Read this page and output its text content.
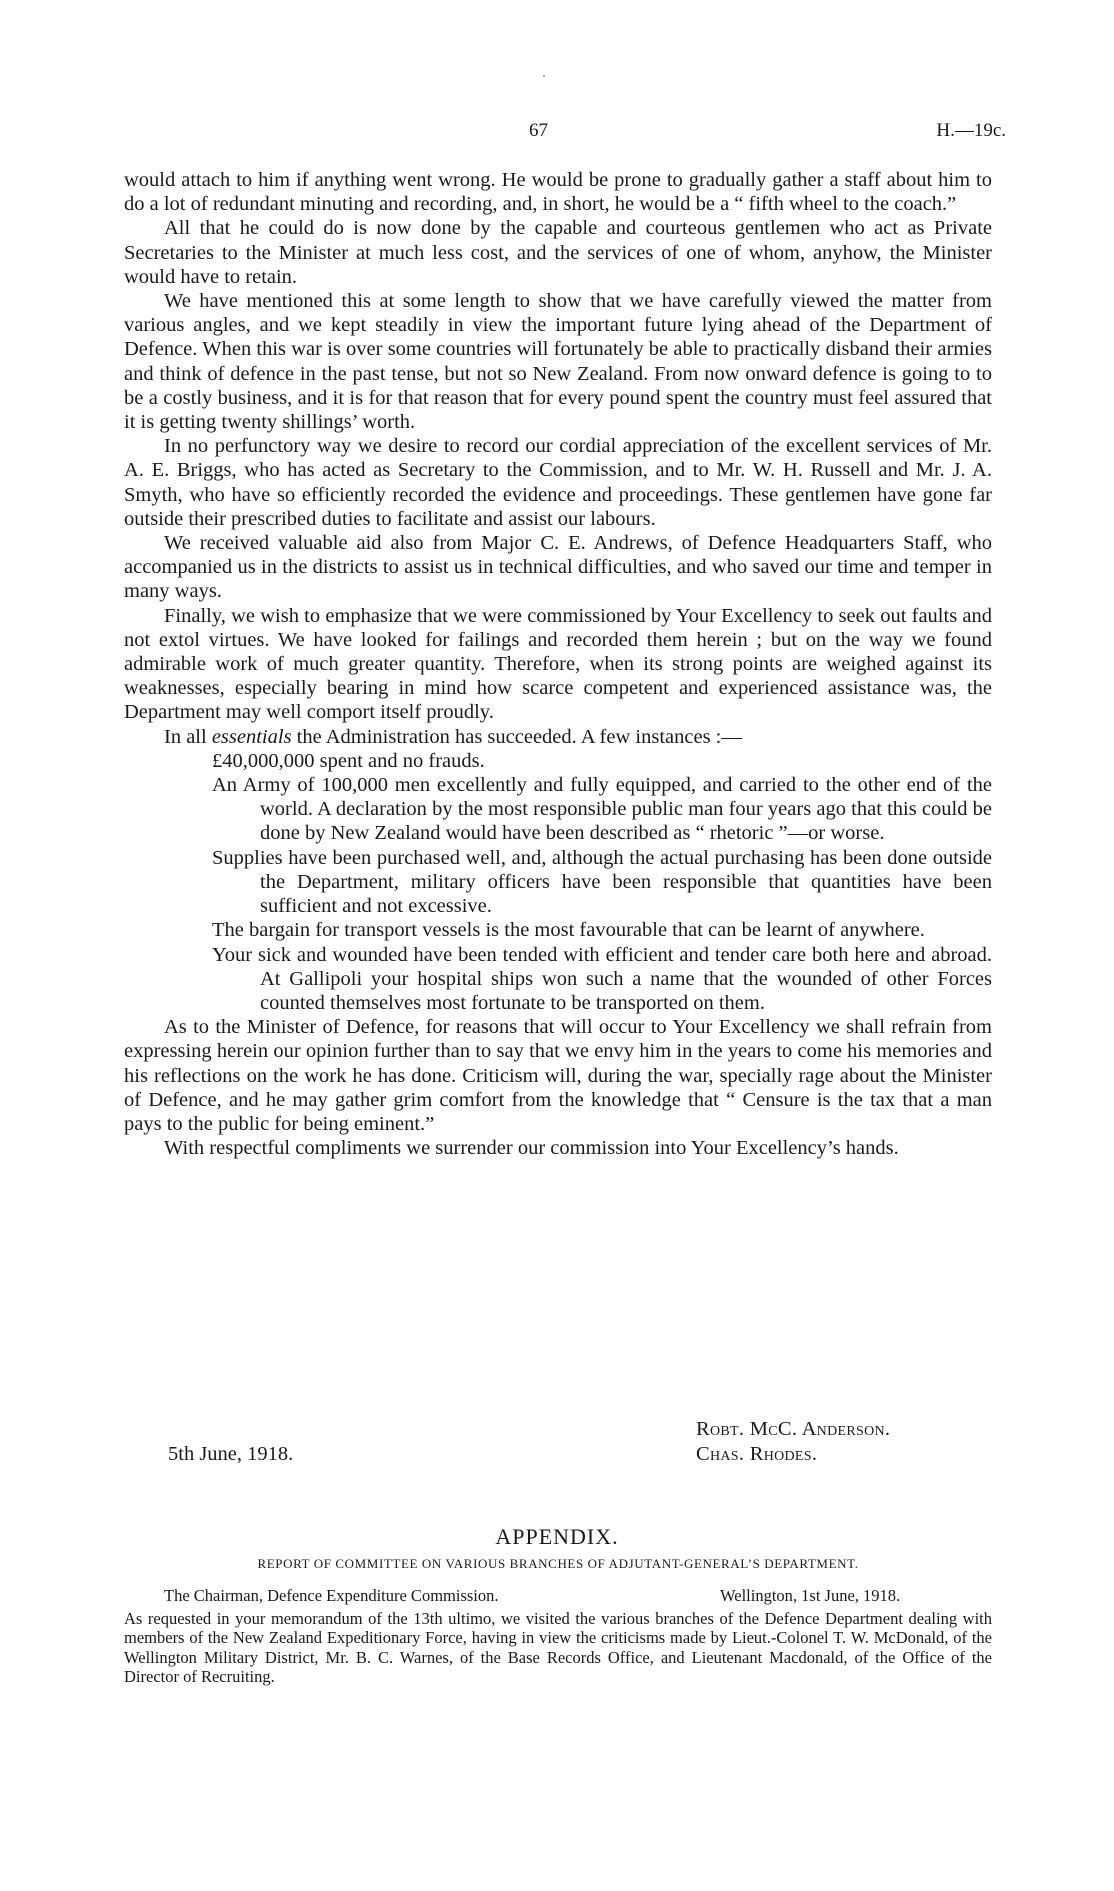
67	H.—19c.

would attach to him if anything went wrong. He would be prone to gradually gather a staff about him to do a lot of redundant minuting and recording, and, in short, he would be a “ fifth wheel to the coach.”

All that he could do is now done by the capable and courteous gentlemen who act as Private Secretaries to the Minister at much less cost, and the services of one of whom, anyhow, the Minister would have to retain.

We have mentioned this at some length to show that we have carefully viewed the matter from various angles, and we kept steadily in view the important future lying ahead of the Department of Defence. When this war is over some countries will fortunately be able to practically disband their armies and think of defence in the past tense, but not so New Zealand. From now onward defence is going to to be a costly business, and it is for that reason that for every pound spent the country must feel assured that it is getting twenty shillings’ worth.

In no perfunctory way we desire to record our cordial appreciation of the excellent services of Mr. A. E. Briggs, who has acted as Secretary to the Commission, and to Mr. W. H. Russell and Mr. J. A. Smyth, who have so efficiently recorded the evidence and proceedings. These gentlemen have gone far outside their prescribed duties to facilitate and assist our labours.

We received valuable aid also from Major C. E. Andrews, of Defence Headquarters Staff, who accompanied us in the districts to assist us in technical difficulties, and who saved our time and temper in many ways.

Finally, we wish to emphasize that we were commissioned by Your Excellency to seek out faults and not extol virtues. We have looked for failings and recorded them herein ; but on the way we found admirable work of much greater quantity. Therefore, when its strong points are weighed against its weaknesses, especially bearing in mind how scarce competent and experienced assistance was, the Department may well comport itself proudly.

In all essentials the Administration has succeeded. A few instances :—
£40,000,000 spent and no frauds.
An Army of 100,000 men excellently and fully equipped, and carried to the other end of the world. A declaration by the most responsible public man four years ago that this could be done by New Zealand would have been described as “ rhetoric ”—or worse.
Supplies have been purchased well, and, although the actual purchasing has been done outside the Department, military officers have been responsible that quantities have been sufficient and not excessive.
The bargain for transport vessels is the most favourable that can be learnt of anywhere.
Your sick and wounded have been tended with efficient and tender care both here and abroad. At Gallipoli your hospital ships won such a name that the wounded of other Forces counted themselves most fortunate to be transported on them.

As to the Minister of Defence, for reasons that will occur to Your Excellency we shall refrain from expressing herein our opinion further than to say that we envy him in the years to come his memories and his reflections on the work he has done. Criticism will, during the war, specially rage about the Minister of Defence, and he may gather grim comfort from the knowledge that “ Censure is the tax that a man pays to the public for being eminent.”

With respectful compliments we surrender our commission into Your Excellency’s hands.

Robt. McC. Anderson.
5th June, 1918.	Chas. Rhodes.
APPENDIX.
REPORT OF COMMITTEE ON VARIOUS BRANCHES OF ADJUTANT-GENERAL’S DEPARTMENT.
The Chairman, Defence Expenditure Commission.	Wellington, 1st June, 1918.
As requested in your memorandum of the 13th ultimo, we visited the various branches of the Defence Department dealing with members of the New Zealand Expeditionary Force, having in view the criticisms made by Lieut.-Colonel T. W. McDonald, of the Wellington Military District, Mr. B. C. Warnes, of the Base Records Office, and Lieutenant Macdonald, of the Office of the Director of Recruiting.
